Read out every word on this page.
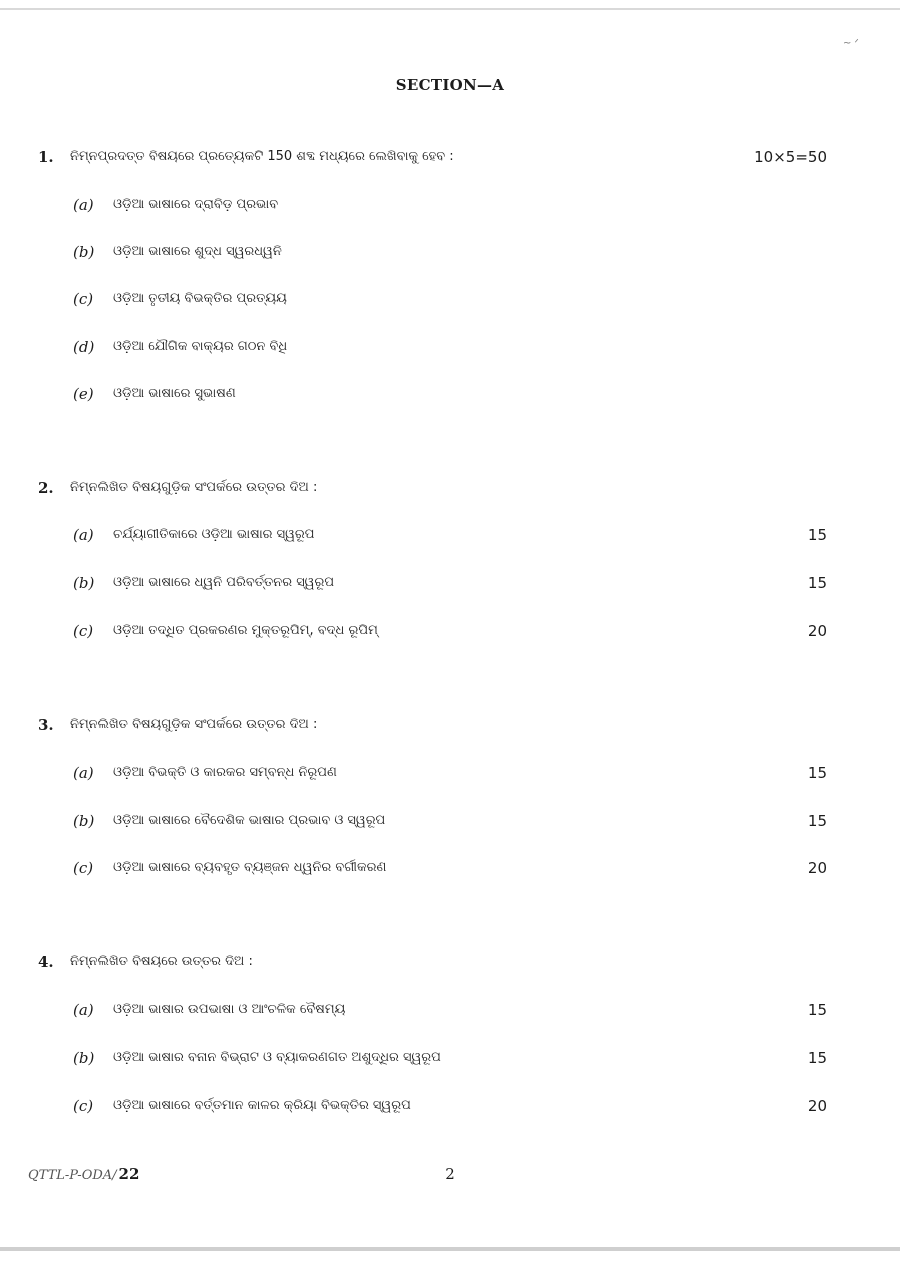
~ ᐟ
SECTION—A
1. ନିମ୍ନପ୍ରଦତ୍ତ ବିଷୟରେ ପ୍ରତ୍ୟେକଟି 150 ଶବ୍ଦ ମଧ୍ୟରେ ଲେଖିବାକୁ ହେବ :	10×5=50
(a) ଓଡ଼ିଆ ଭାଷାରେ ଦ୍ରାବିଡ଼ ପ୍ରଭାବ
(b) ଓଡ଼ିଆ ଭାଷାରେ ଶୁଦ୍ଧ ସ୍ୱରଧ୍ୱନି
(c) ଓଡ଼ିଆ ତୃତୀୟ ବିଭକ୍ତିର ପ୍ରତ୍ୟୟ
(d) ଓଡ଼ିଆ ଯୌଗିକ ବାକ୍ୟର ଗଠନ ବିଧି
(e) ଓଡ଼ିଆ ଭାଷାରେ ସୁଭାଷଣ
2. ନିମ୍ନଲିଖିତ ବିଷୟଗୁଡ଼ିକ ସଂପର୍କରେ ଉତ୍ତର ଦିଅ :
(a) ଚର୍ଯ୍ୟାଗୀତିକାରେ ଓଡ଼ିଆ ଭାଷାର ସ୍ୱରୂପ	15
(b) ଓଡ଼ିଆ ଭାଷାରେ ଧ୍ୱନି ପରିବର୍ତ୍ତନର ସ୍ୱରୂପ	15
(c) ଓଡ଼ିଆ ତଦ୍ଧିତ ପ୍ରକରଣର ମୁକ୍ତରୂପିମ୍, ବଦ୍ଧ ରୂପିମ୍	20
3. ନିମ୍ନଲିଖିତ ବିଷୟଗୁଡ଼ିକ ସଂପର୍କରେ ଉତ୍ତର ଦିଅ :
(a) ଓଡ଼ିଆ ବିଭକ୍ତି ଓ କାରକର ସମ୍ବନ୍ଧ ନିରୂପଣ	15
(b) ଓଡ଼ିଆ ଭାଷାରେ ବୈଦେଶିକ ଭାଷାର ପ୍ରଭାବ ଓ ସ୍ୱରୂପ	15
(c) ଓଡ଼ିଆ ଭାଷାରେ ବ୍ୟବହୃତ ବ୍ୟଞ୍ଜନ ଧ୍ୱନିର ବର୍ଗୀକରଣ	20
4. ନିମ୍ନଲିଖିତ ବିଷୟରେ ଉତ୍ତର ଦିଅ :
(a) ଓଡ଼ିଆ ଭାଷାର ଉପଭାଷା ଓ ଆଂଚଳିକ ବୈଷମ୍ୟ	15
(b) ଓଡ଼ିଆ ଭାଷାର ବନାନ ବିଭ୍ରାଟ ଓ ବ୍ୟାକରଣଗତ ଅଶୁଦ୍ଧିର ସ୍ୱରୂପ	15
(c) ଓଡ଼ିଆ ଭାଷାରେ ବର୍ତ୍ତମାନ କାଳର କ୍ରିୟା ବିଭକ୍ତିର ସ୍ୱରୂପ	20
QTTL-P-ODA/ 22	2
